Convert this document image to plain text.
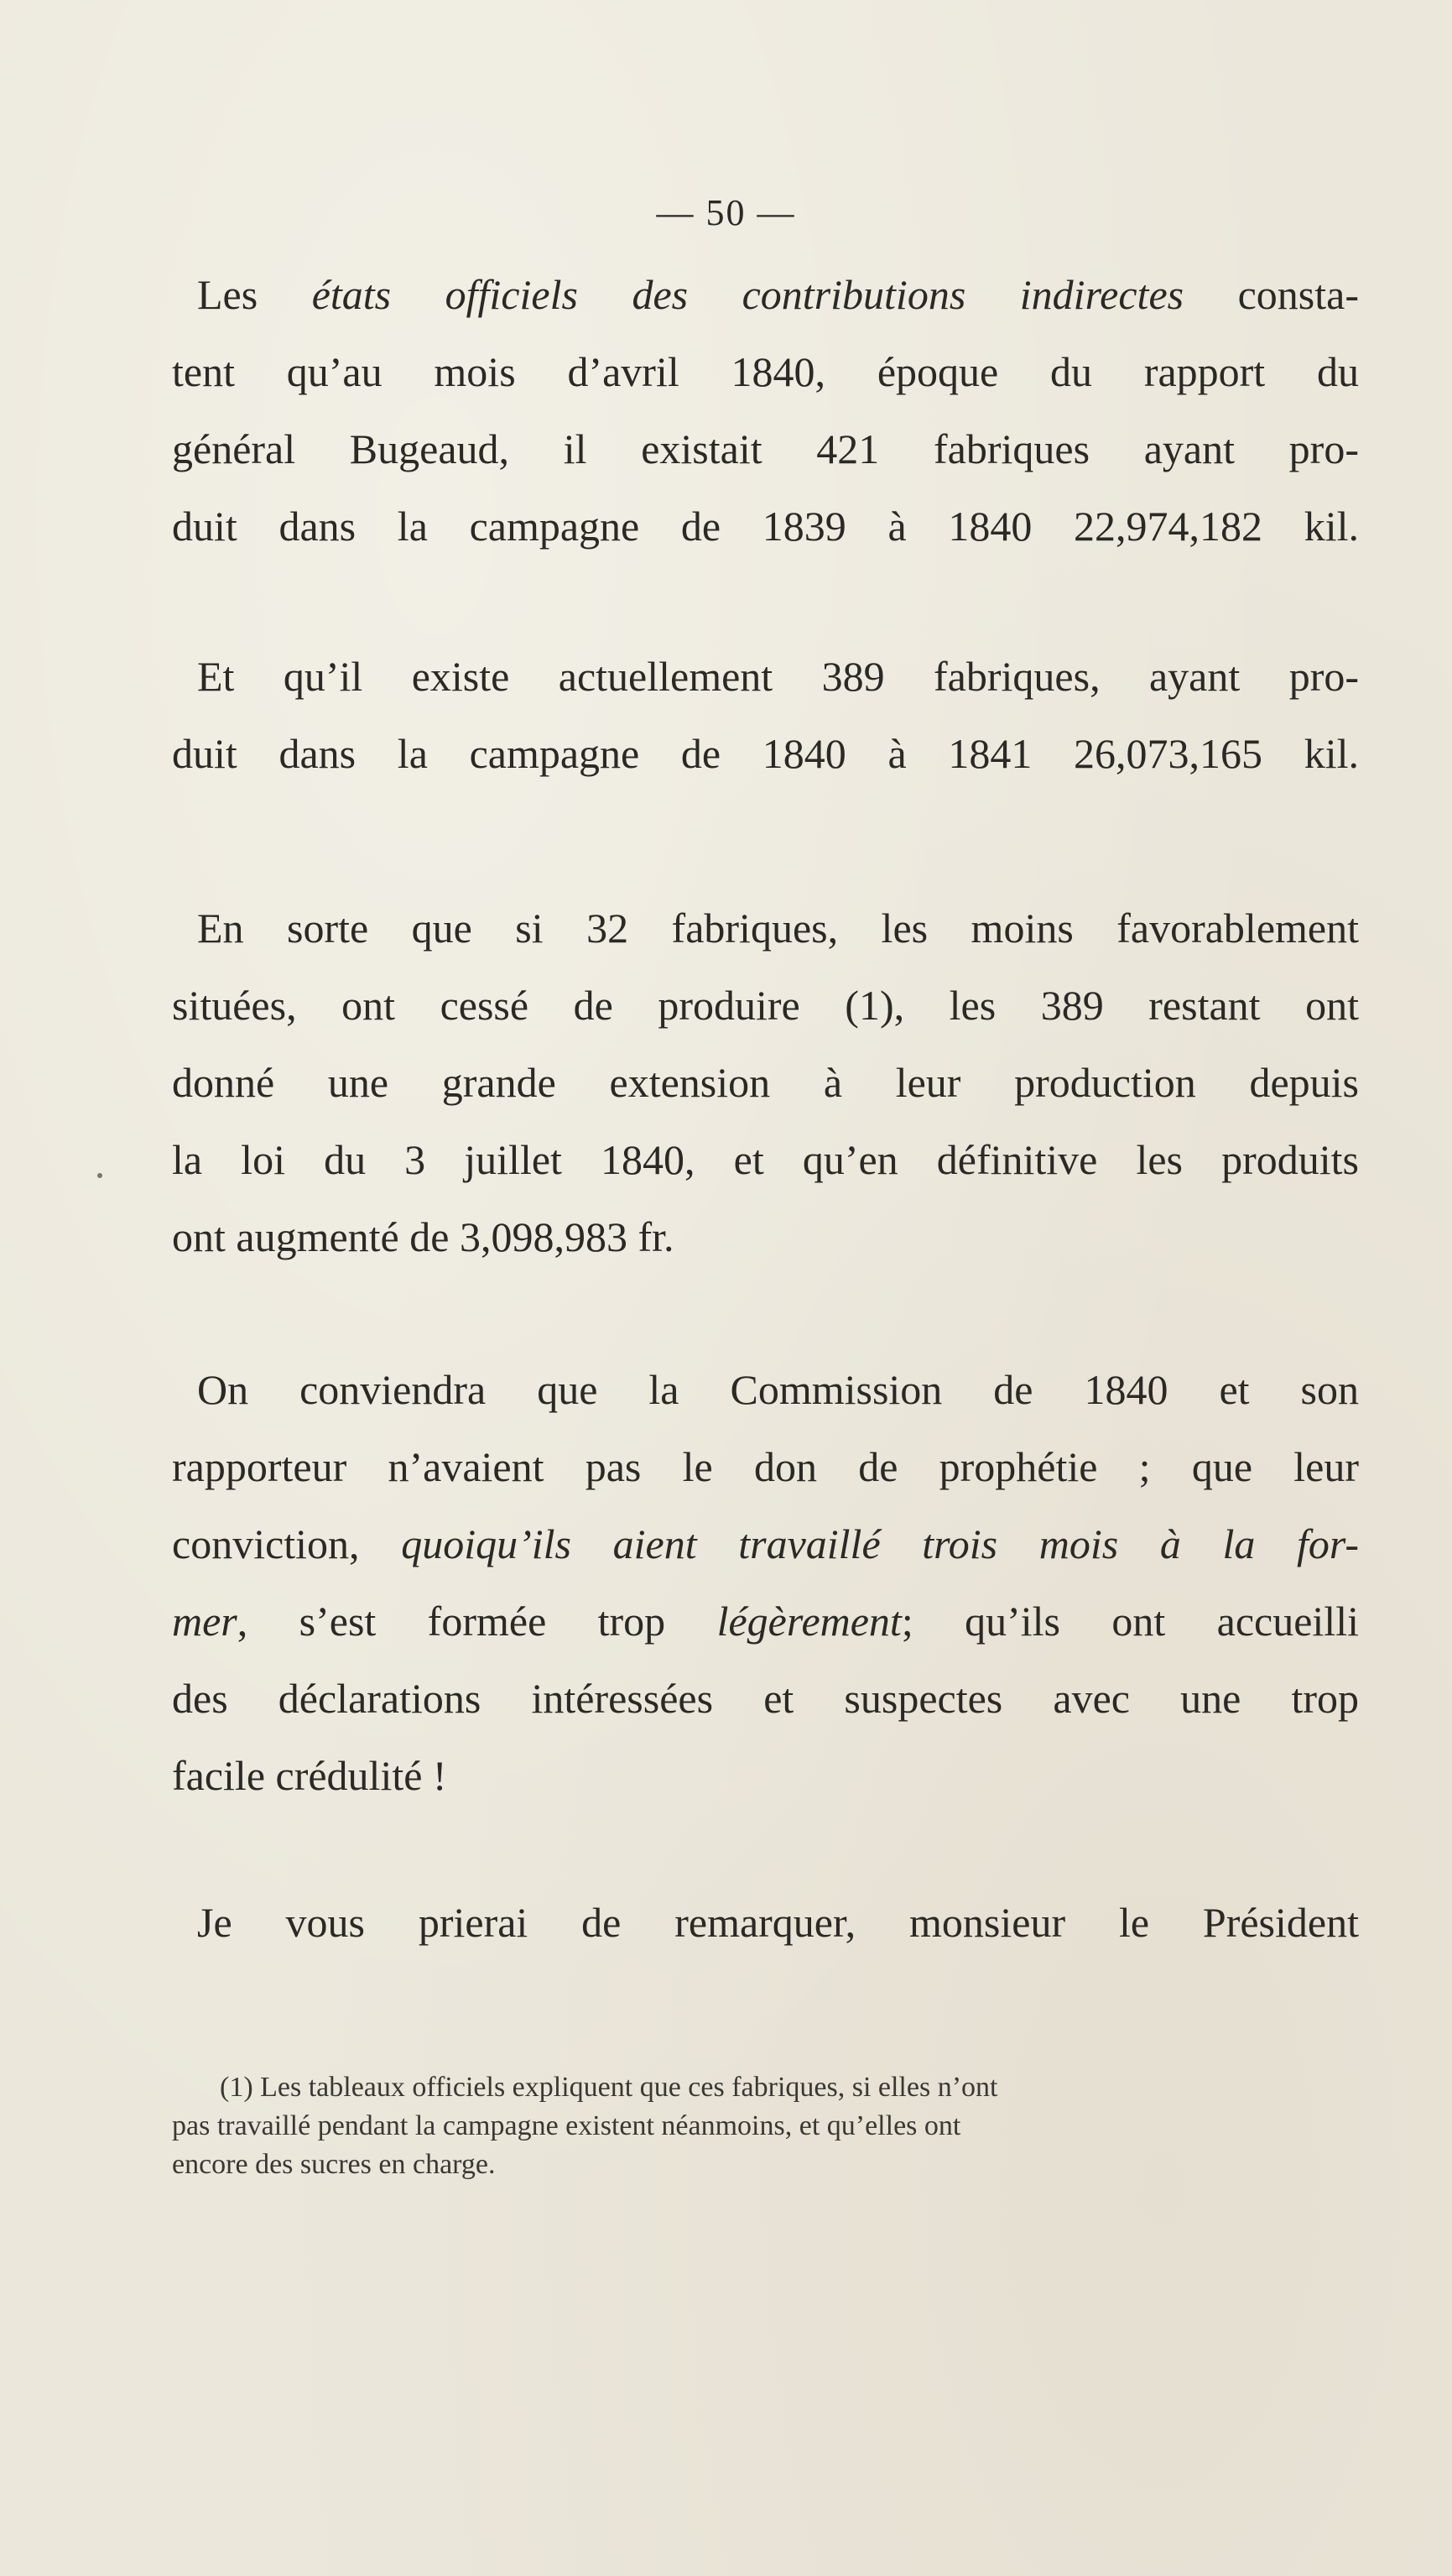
— 50 —
Les états officiels des contributions indirectes consta-
tent qu’au mois d’avril 1840, époque du rapport du
général Bugeaud, il existait 421 fabriques ayant pro-
duit dans la campagne de 1839 à 1840 22,974,182 kil.
Et qu’il existe actuellement 389 fabriques, ayant pro-
duit dans la campagne de 1840 à 1841 26,073,165 kil.
En sorte que si 32 fabriques, les moins favorablement
situées, ont cessé de produire (1), les 389 restant ont
donné une grande extension à leur production depuis
la loi du 3 juillet 1840, et qu’en définitive les produits
ont augmenté de 3,098,983 fr.
On conviendra que la Commission de 1840 et son
rapporteur n’avaient pas le don de prophétie ; que leur
conviction, quoiqu’ils aient travaillé trois mois à la for-
mer, s’est formée trop légèrement; qu’ils ont accueilli
des déclarations intéressées et suspectes avec une trop
facile crédulité !
Je vous prierai de remarquer, monsieur le Président
(1) Les tableaux officiels expliquent que ces fabriques, si elles n’ont
pas travaillé pendant la campagne existent néanmoins, et qu’elles ont
encore des sucres en charge.
